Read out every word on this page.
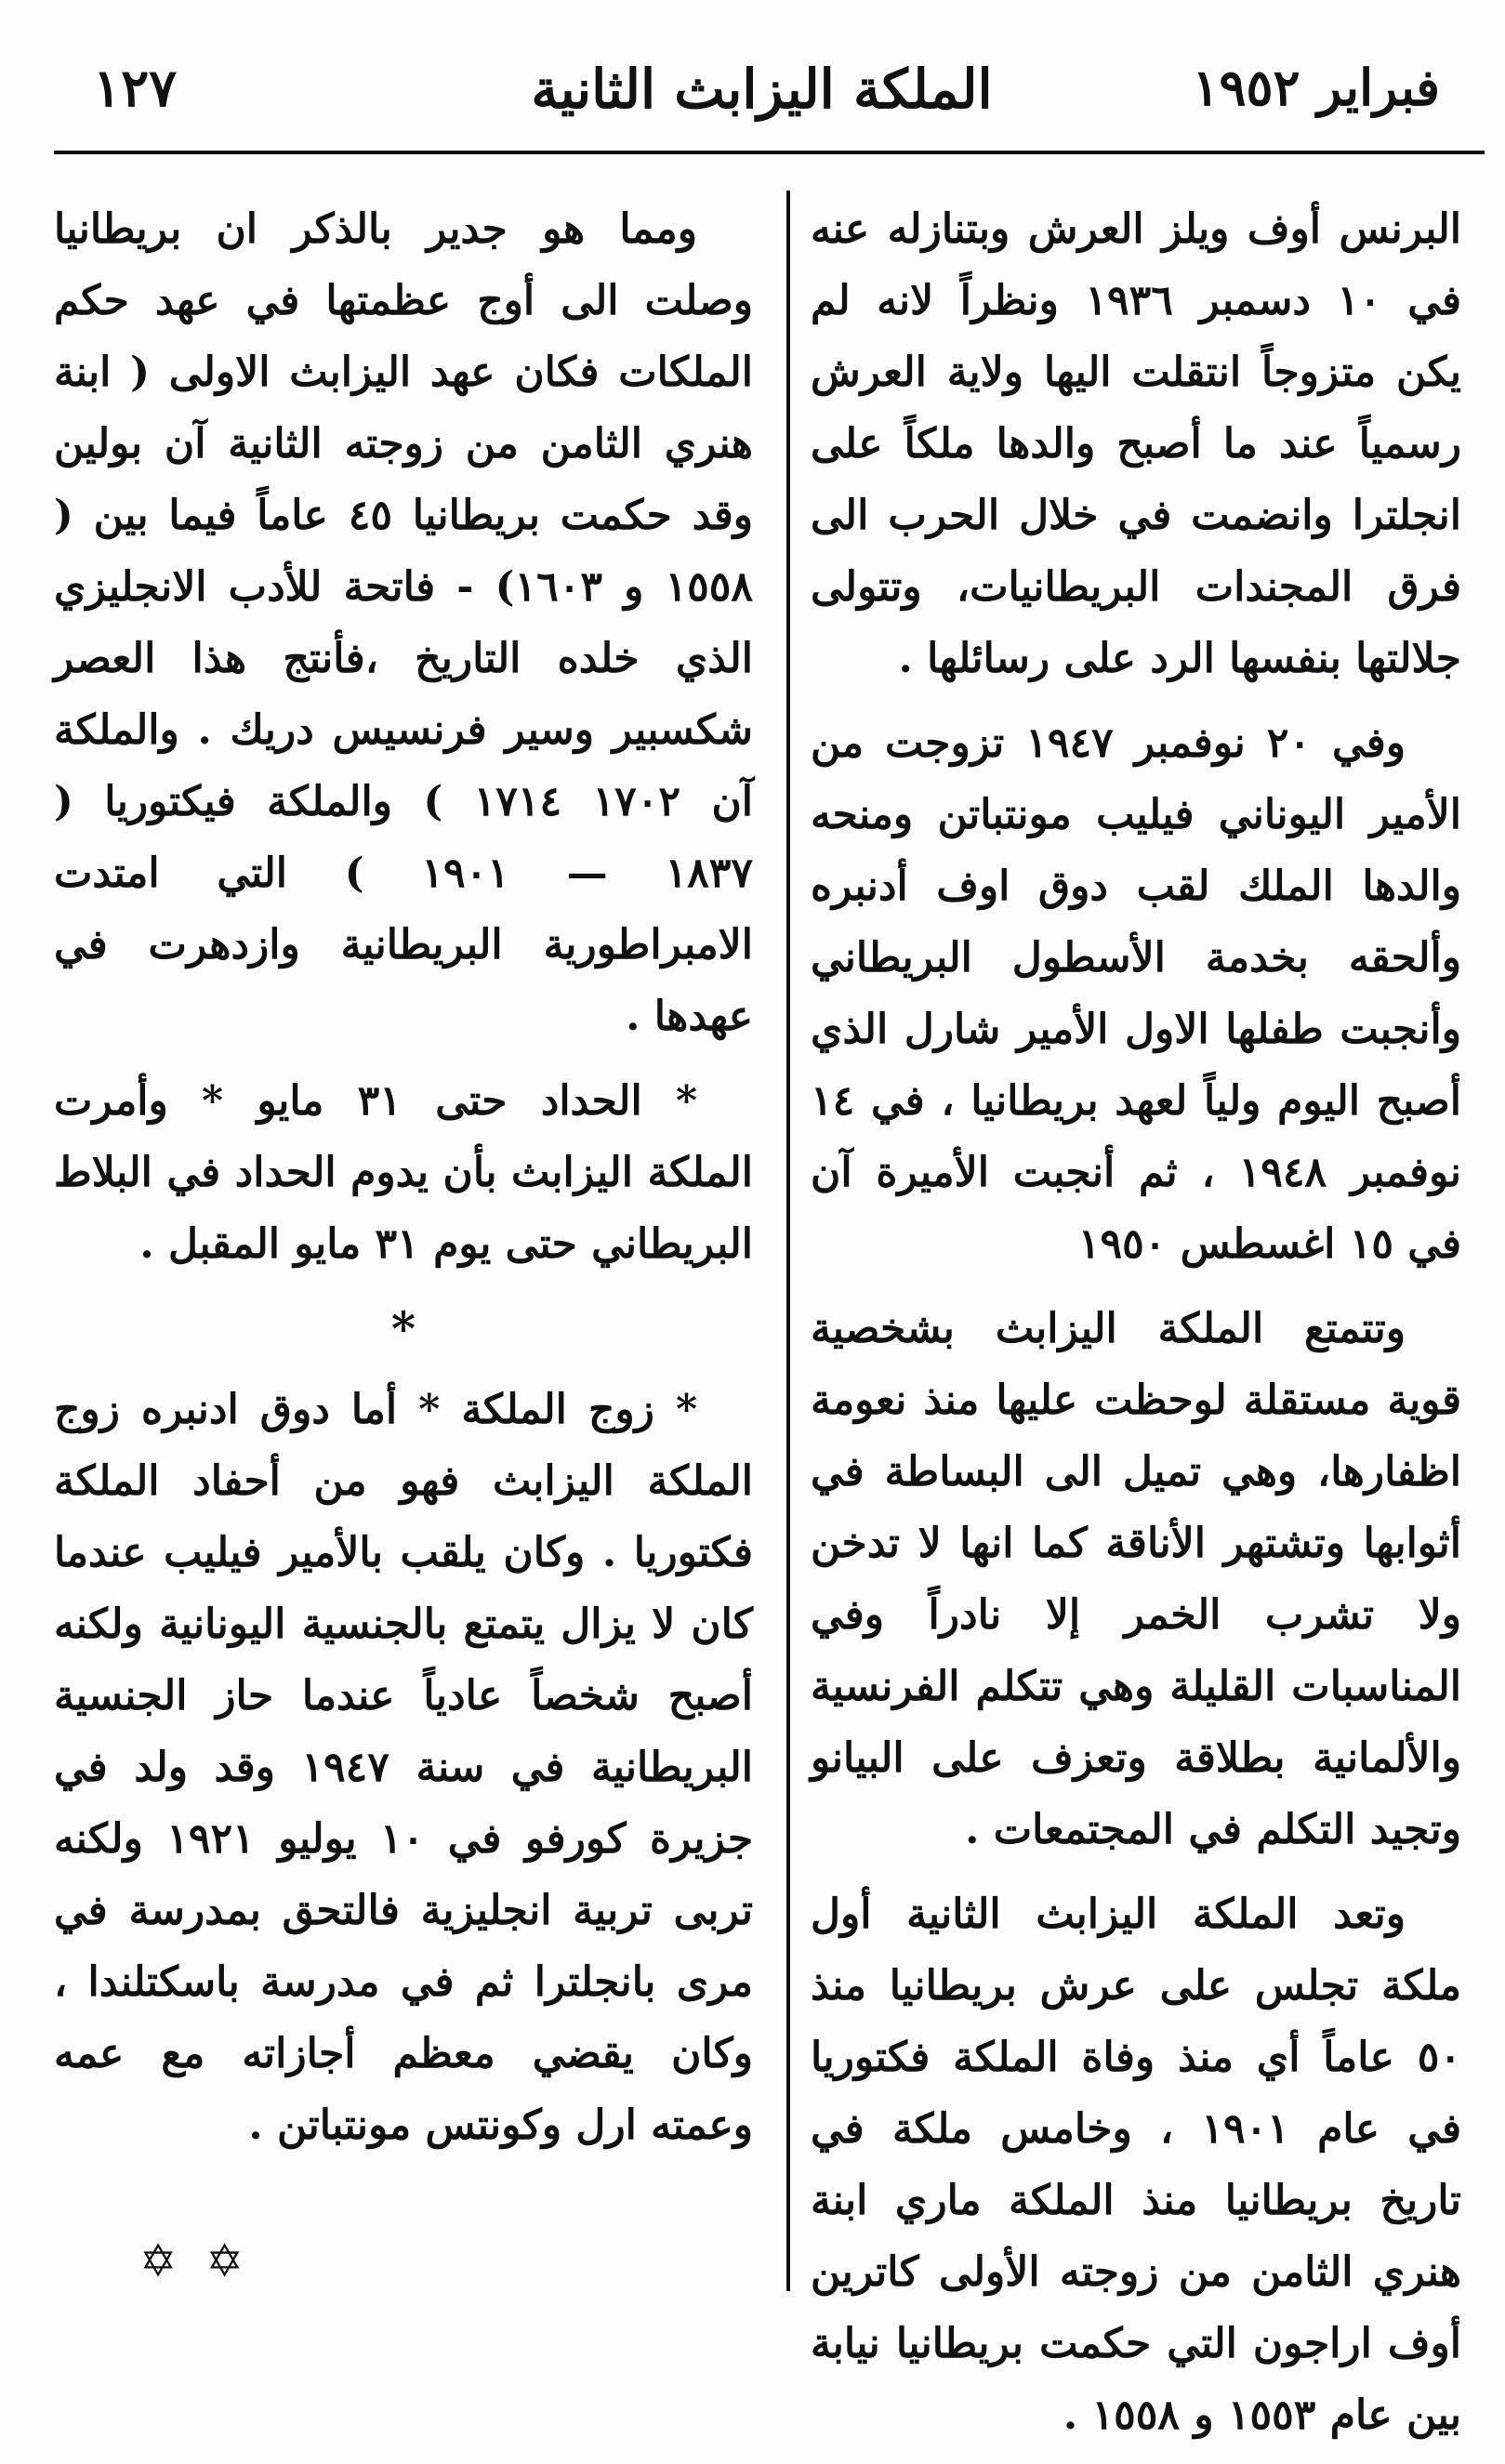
فبراير ١٩٥٢
الملكة اليزابث الثانية
١٢٧

البرنس أوف ويلز العرش وبتنازله عنه في ١٠ دسمبر ١٩٣٦ ونظراً لانه لم يكن متزوجاً انتقلت اليها ولاية العرش رسمياً عند ما أصبح والدها ملكاً على انجلترا وانضمت في خلال الحرب الى فرق المجندات البريطانيات، وتتولى جلالتها بنفسها الرد على رسائلها .

وفي ٢٠ نوفمبر ١٩٤٧ تزوجت من الأمير اليوناني فيليب مونتباتن ومنحه والدها الملك لقب دوق اوف أدنبره وألحقه بخدمة الأسطول البريطاني وأنجبت طفلها الاول الأمير شارل الذي أصبح اليوم ولياً لعهد بريطانيا ، في ١٤ نوفمبر ١٩٤٨ ، ثم أنجبت الأميرة آن في ١٥ اغسطس ١٩٥٠

وتتمتع الملكة اليزابث بشخصية قوية مستقلة لوحظت عليها منذ نعومة اظفارها، وهي تميل الى البساطة في أثوابها وتشتهر الأناقة كما انها لا تدخن ولا تشرب الخمر إلا نادراً وفي المناسبات القليلة وهي تتكلم الفرنسية والألمانية بطلاقة وتعزف على البيانو وتجيد التكلم في المجتمعات .

وتعد الملكة اليزابث الثانية أول ملكة تجلس على عرش بريطانيا منذ ٥٠ عاماً أي منذ وفاة الملكة فكتوريا في عام ١٩٠١ ، وخامس ملكة في تاريخ بريطانيا منذ الملكة ماري ابنة هنري الثامن من زوجته الأولى كاترين أوف اراجون التي حكمت بريطانيا نيابة بين عام ١٥٥٣ و ١٥٥٨ .

ومما هو جدير بالذكر ان بريطانيا وصلت الى أوج عظمتها في عهد حكم الملكات فكان عهد اليزابث الاولى ( ابنة هنري الثامن من زوجته الثانية آن بولين وقد حكمت بريطانيا ٤٥ عاماً فيما بين ( ١٥٥٨ و ١٦٠٣) - فاتحة للأدب الانجليزي الذي خلده التاريخ ،فأنتج هذا العصر شكسبير وسير فرنسيس دريك . والملكة آن ١٧٠٢ ١٧١٤ ) والملكة فيكتوريا ( ١٨٣٧ — ١٩٠١ ) التي امتدت الامبراطورية البريطانية وازدهرت في عهدها .

* الحداد حتى ٣١ مايو * وأمرت الملكة اليزابث بأن يدوم الحداد في البلاط البريطاني حتى يوم ٣١ مايو المقبل .

*

* زوج الملكة * أما دوق ادنبره زوج الملكة اليزابث فهو من أحفاد الملكة فكتوريا . وكان يلقب بالأمير فيليب عندما كان لا يزال يتمتع بالجنسية اليونانية ولكنه أصبح شخصاً عادياً عندما حاز الجنسية البريطانية في سنة ١٩٤٧ وقد ولد في جزيرة كورفو في ١٠ يوليو ١٩٢١ ولكنه تربى تربية انجليزية فالتحق بمدرسة في مرى بانجلترا ثم في مدرسة باسكتلندا ، وكان يقضي معظم أجازاته مع عمه وعمته ارل وكونتس مونتباتن .

✡ ✡
